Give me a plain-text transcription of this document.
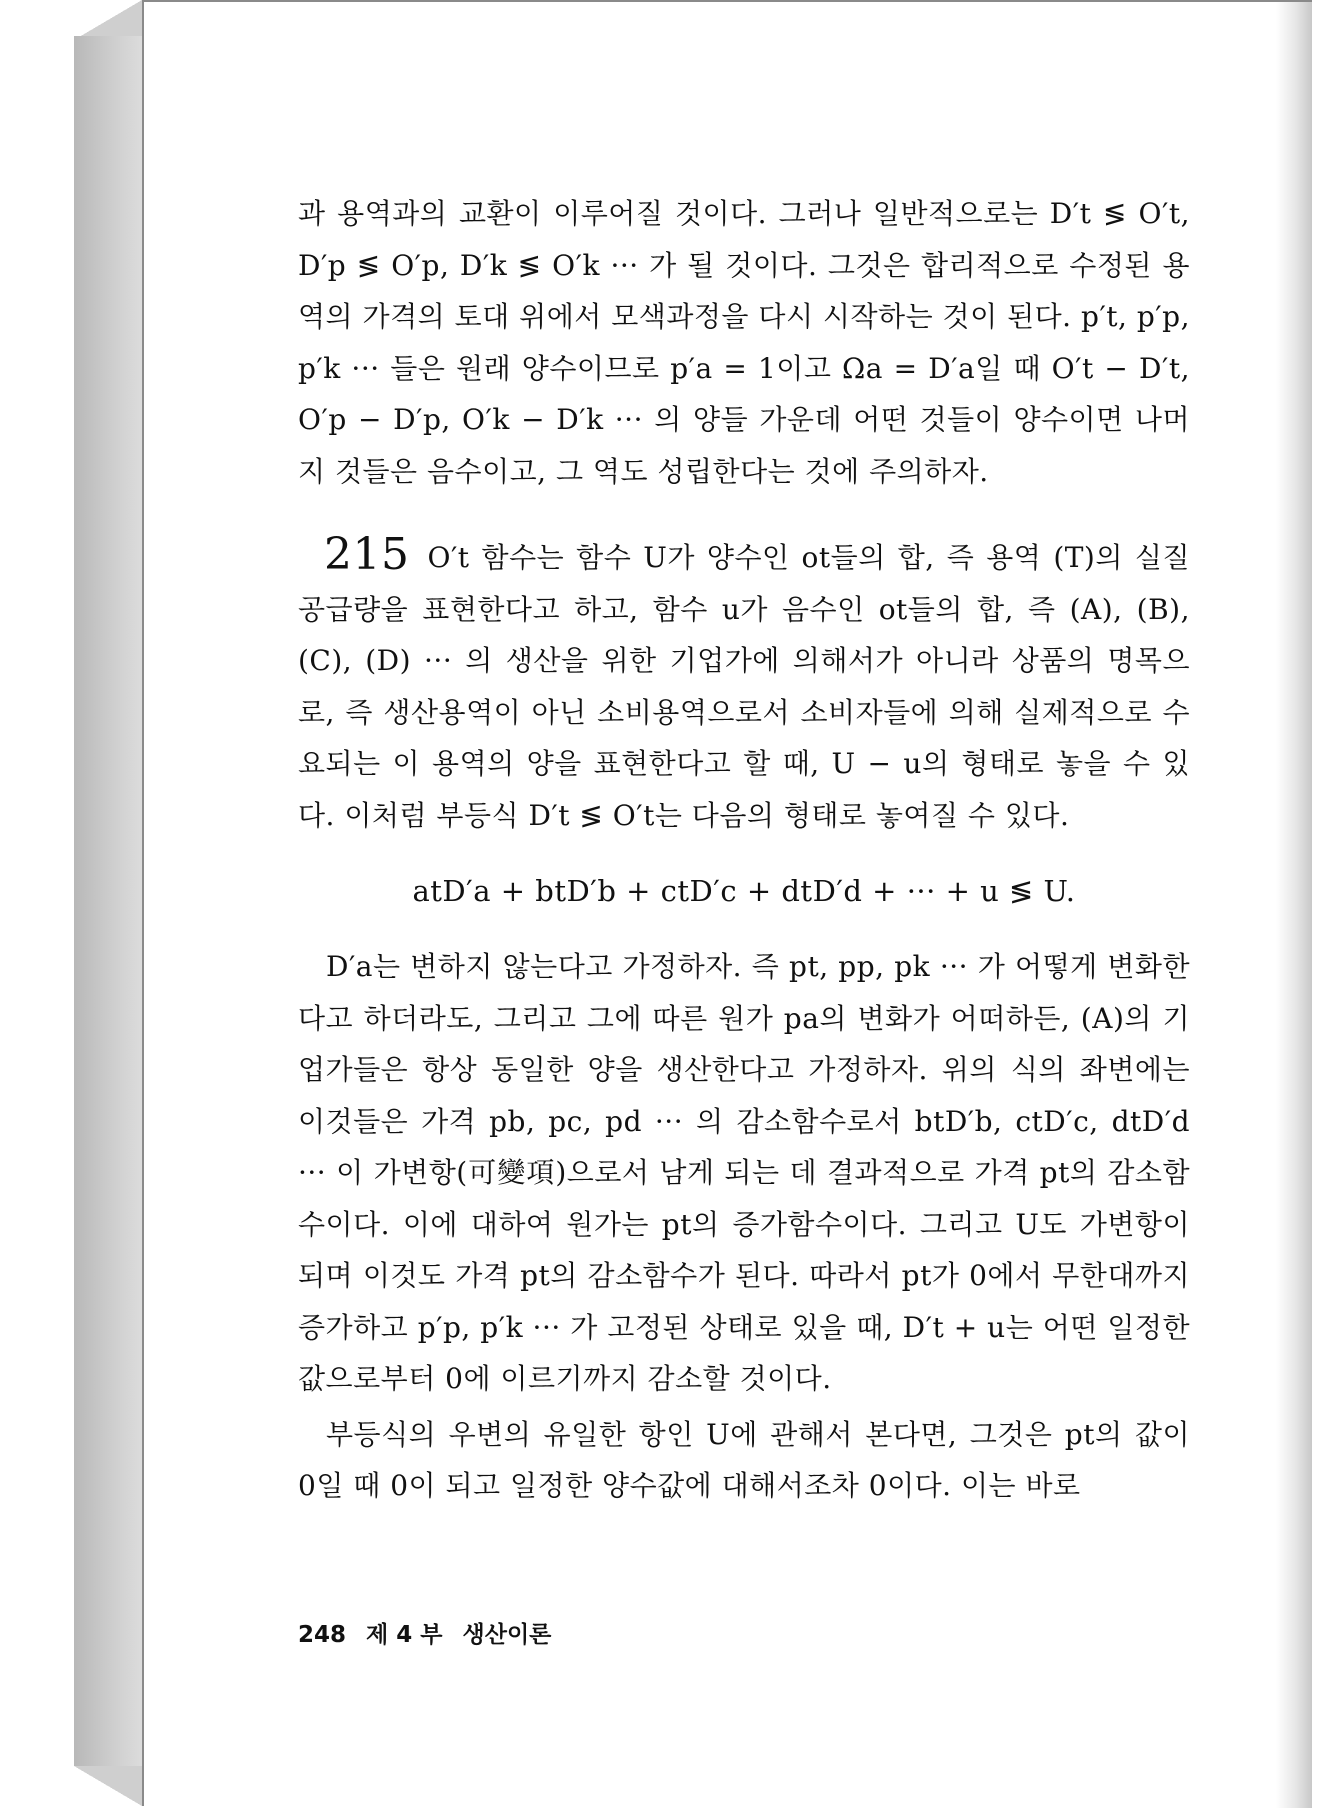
과 용역과의 교환이 이루어질 것이다. 그러나 일반적으로는 D′t ≶ O′t, D′p ≶ O′p, D′k ≶ O′k ··· 가 될 것이다. 그것은 합리적으로 수정된 용역의 가격의 토대 위에서 모색과정을 다시 시작하는 것이 된다. p′t, p′p, p′k ··· 들은 원래 양수이므로 p′a = 1이고 Ωa = D′a일 때 O′t − D′t, O′p − D′p, O′k − D′k ··· 의 양들 가운데 어떤 것들이 양수이면 나머지 것들은 음수이고, 그 역도 성립한다는 것에 주의하자.

215 O′t 함수는 함수 U가 양수인 ot들의 합, 즉 용역 (T)의 실질공급량을 표현한다고 하고, 함수 u가 음수인 ot들의 합, 즉 (A), (B), (C), (D) ··· 의 생산을 위한 기업가에 의해서가 아니라 상품의 명목으로, 즉 생산용역이 아닌 소비용역으로서 소비자들에 의해 실제적으로 수요되는 이 용역의 양을 표현한다고 할 때, U − u의 형태로 놓을 수 있다. 이처럼 부등식 D′t ≶ O′t는 다음의 형태로 놓여질 수 있다.

atD′a + btD′b + ctD′c + dtD′d + ··· + u ≶ U.

D′a는 변하지 않는다고 가정하자. 즉 pt, pp, pk ··· 가 어떻게 변화한다고 하더라도, 그리고 그에 따른 원가 pa의 변화가 어떠하든, (A)의 기업가들은 항상 동일한 양을 생산한다고 가정하자. 위의 식의 좌변에는 이것들은 가격 pb, pc, pd ··· 의 감소함수로서 btD′b, ctD′c, dtD′d ··· 이 가변항(可變項)으로서 남게 되는 데 결과적으로 가격 pt의 감소함수이다. 이에 대하여 원가는 pt의 증가함수이다. 그리고 U도 가변항이 되며 이것도 가격 pt의 감소함수가 된다. 따라서 pt가 0에서 무한대까지 증가하고 p′p, p′k ··· 가 고정된 상태로 있을 때, D′t + u는 어떤 일정한 값으로부터 0에 이르기까지 감소할 것이다.

부등식의 우변의 유일한 항인 U에 관해서 본다면, 그것은 pt의 값이 0일 때 0이 되고 일정한 양수값에 대해서조차 0이다. 이는 바로

248 제 4 부 생산이론
